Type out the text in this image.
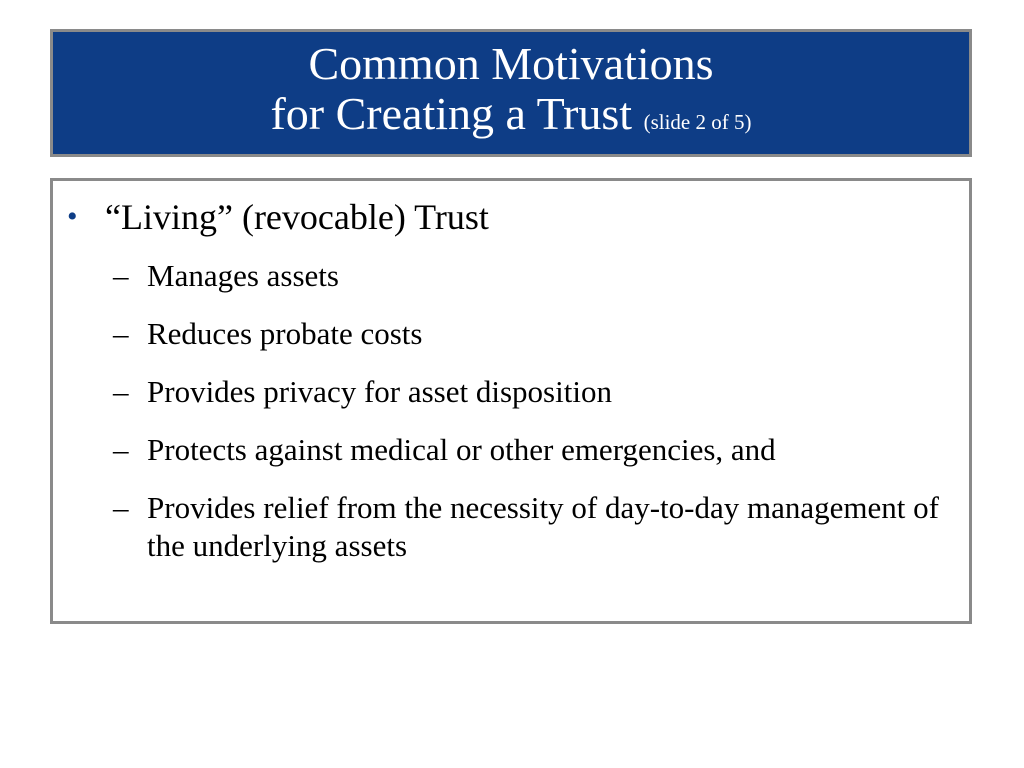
Common Motivations
for Creating a Trust (slide 2 of 5)
• “Living” (revocable) Trust
– Manages assets
– Reduces probate costs
– Provides privacy for asset disposition
– Protects against medical or other emergencies, and
– Provides relief from the necessity of day-to-day management of the underlying assets
